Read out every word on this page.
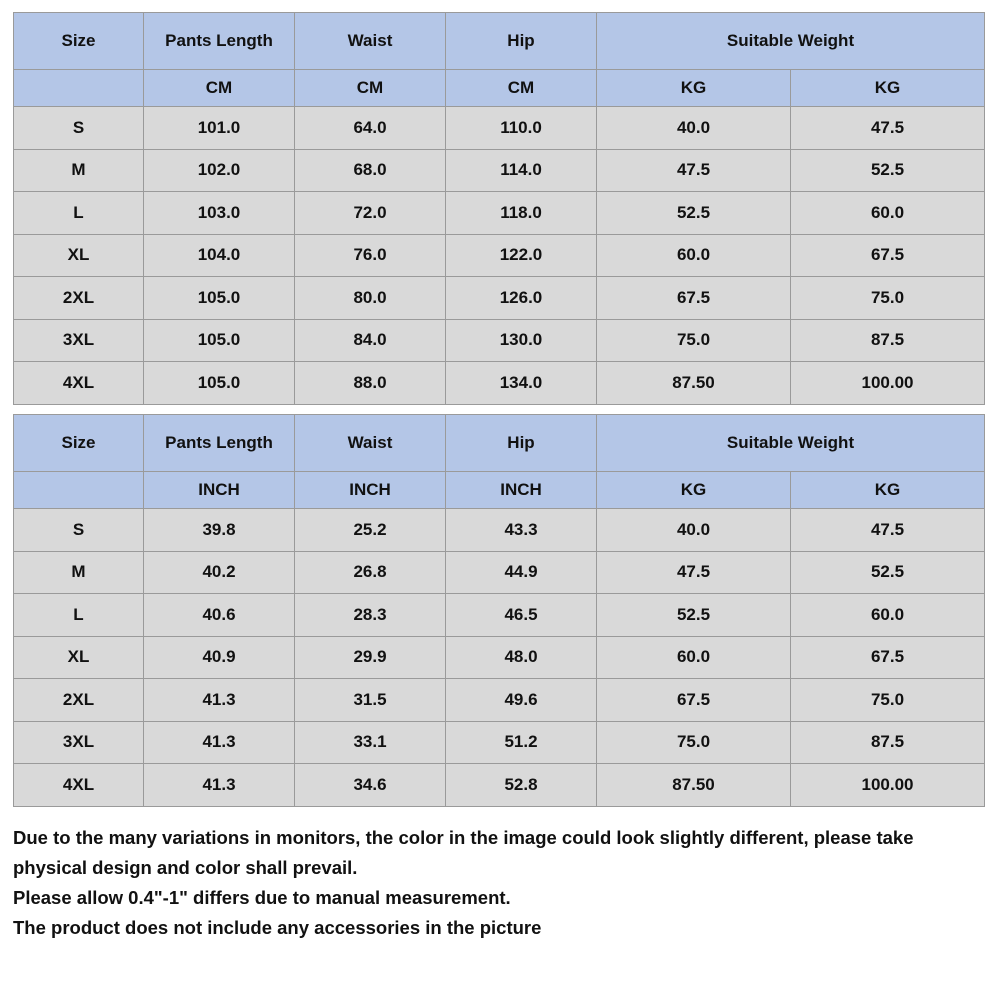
Size	Pants Length	Waist	Hip	Suitable Weight	
	CM	CM	CM	KG	KG
S	101.0	64.0	110.0	40.0	47.5
M	102.0	68.0	114.0	47.5	52.5
L	103.0	72.0	118.0	52.5	60.0
XL	104.0	76.0	122.0	60.0	67.5
2XL	105.0	80.0	126.0	67.5	75.0
3XL	105.0	84.0	130.0	75.0	87.5
4XL	105.0	88.0	134.0	87.50	100.00
Size	Pants Length	Waist	Hip	Suitable Weight	
	INCH	INCH	INCH	KG	KG
S	39.8	25.2	43.3	40.0	47.5
M	40.2	26.8	44.9	47.5	52.5
L	40.6	28.3	46.5	52.5	60.0
XL	40.9	29.9	48.0	60.0	67.5
2XL	41.3	31.5	49.6	67.5	75.0
3XL	41.3	33.1	51.2	75.0	87.5
4XL	41.3	34.6	52.8	87.50	100.00

Due to the many variations in monitors, the color in the image could look slightly different, please take physical design and color shall prevail.

Please allow 0.4"-1" differs due to manual measurement.

The product does not include any accessories in the picture
